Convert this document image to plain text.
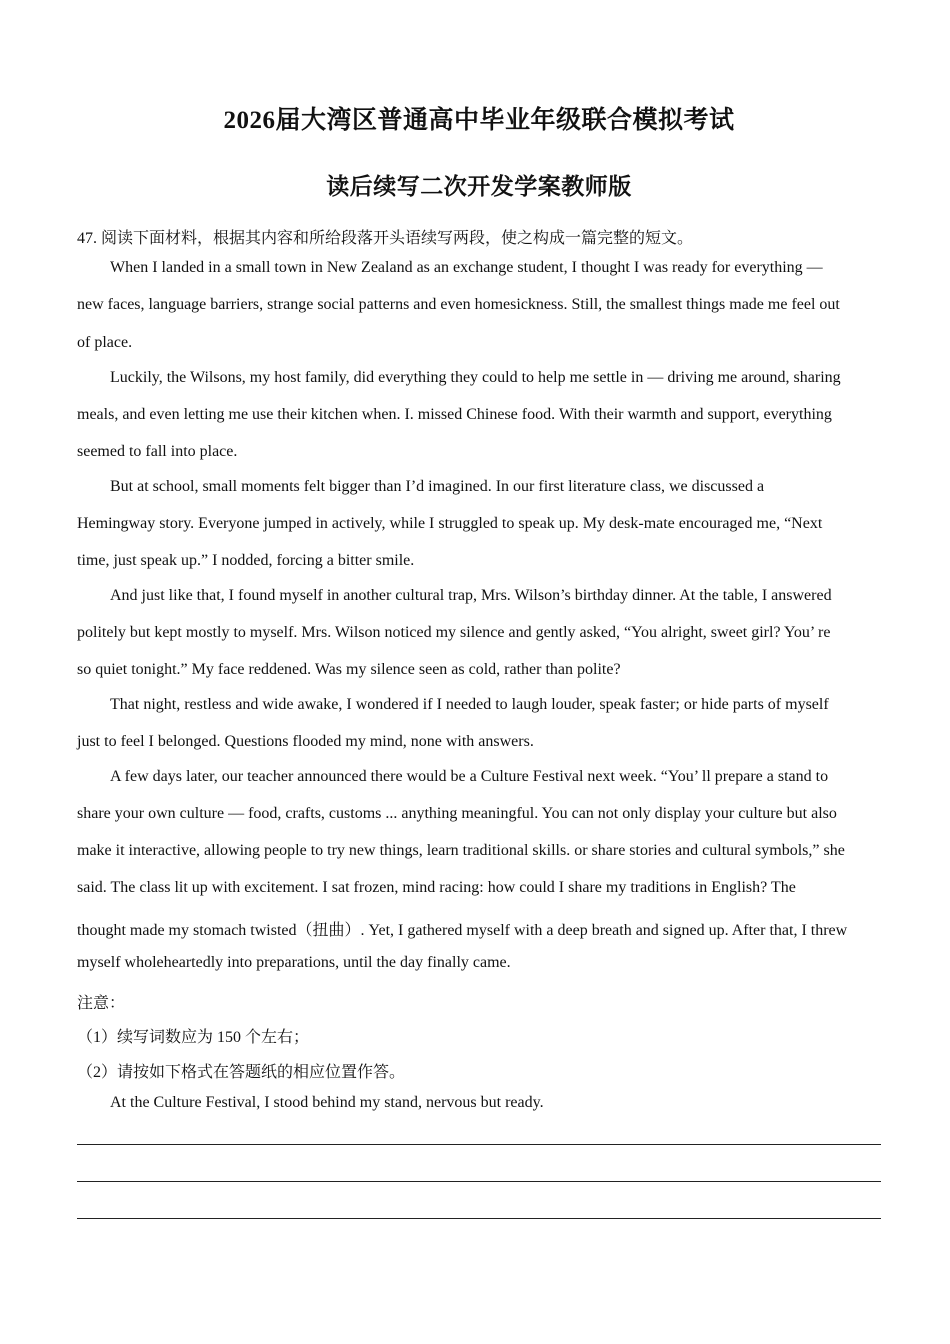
2026届大湾区普通高中毕业年级联合模拟考试
读后续写二次开发学案教师版
47. 阅读下面材料，根据其内容和所给段落开头语续写两段，使之构成一篇完整的短文。
When I landed in a small town in New Zealand as an exchange student, I thought I was ready for everything —
new faces, language barriers, strange social patterns and even homesickness. Still, the smallest things made me feel out
of place.
Luckily, the Wilsons, my host family, did everything they could to help me settle in — driving me around, sharing
meals, and even letting me use their kitchen when. I. missed Chinese food. With their warmth and support, everything
seemed to fall into place.
But at school, small moments felt bigger than I’d imagined. In our first literature class, we discussed a
Hemingway story. Everyone jumped in actively, while I struggled to speak up. My desk-mate encouraged me, “Next
time, just speak up.” I nodded, forcing a bitter smile.
And just like that, I found myself in another cultural trap, Mrs. Wilson’s birthday dinner. At the table, I answered
politely but kept mostly to myself. Mrs. Wilson noticed my silence and gently asked, “You alright, sweet girl? You’ re
so quiet tonight.” My face reddened. Was my silence seen as cold, rather than polite?
That night, restless and wide awake, I wondered if I needed to laugh louder, speak faster; or hide parts of myself
just to feel I belonged. Questions flooded my mind, none with answers.
A few days later, our teacher announced there would be a Culture Festival next week. “You’ ll prepare a stand to
share your own culture — food, crafts, customs ... anything meaningful. You can not only display your culture but also
make it interactive, allowing people to try new things, learn traditional skills. or share stories and cultural symbols,” she
said. The class lit up with excitement. I sat frozen, mind racing: how could I share my traditions in English? The
thought made my stomach twisted（扭曲）. Yet, I gathered myself with a deep breath and signed up. After that, I threw
myself wholeheartedly into preparations, until the day finally came.
注意：
（1）续写词数应为 150 个左右；
（2）请按如下格式在答题纸的相应位置作答。
At the Culture Festival, I stood behind my stand, nervous but ready.
